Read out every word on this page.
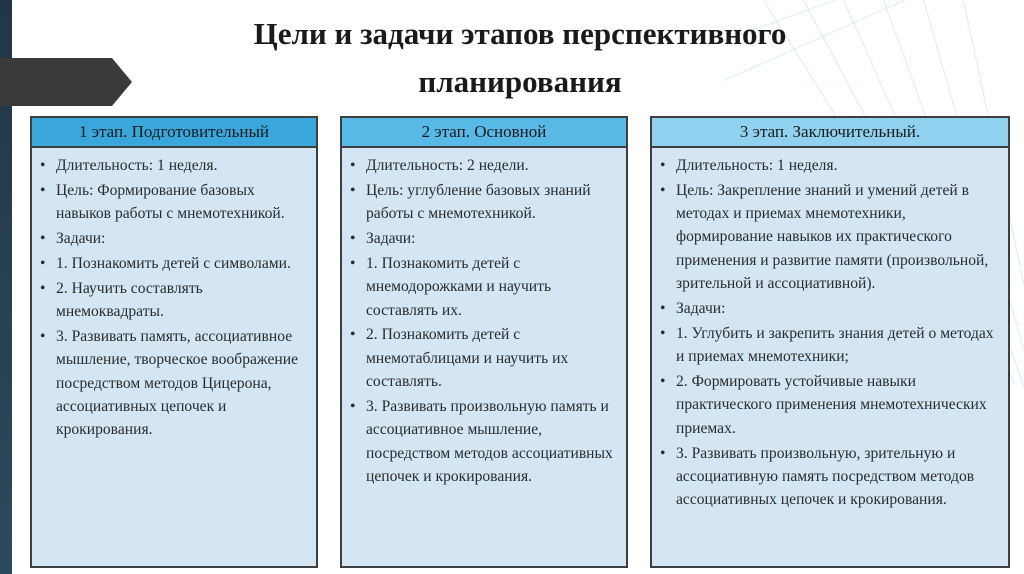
Цели и задачи этапов перспективного
планирования
1 этап. Подготовительный
• Длительность: 1 неделя.
• Цель: Формирование базовых навыков работы с мнемотехникой.
• Задачи:
• 1. Познакомить детей с символами.
• 2. Научить составлять мнемоквадраты.
• 3. Развивать память, ассоциативное мышление, творческое воображение посредством методов Цицерона, ассоциативных цепочек и крокирования.
2 этап. Основной
• Длительность: 2 недели.
• Цель: углубление базовых знаний работы с мнемотехникой.
• Задачи:
• 1. Познакомить детей с мнемодорожками и научить составлять их.
• 2. Познакомить детей с мнемотаблицами и научить их составлять.
• 3. Развивать произвольную память и ассоциативное мышление, посредством методов ассоциативных цепочек и крокирования.
3 этап. Заключительный.
• Длительность: 1 неделя.
• Цель: Закрепление знаний и умений детей в методах и приемах мнемотехники, формирование навыков их практического применения и развитие памяти (произвольной, зрительной и ассоциативной).
• Задачи:
• 1. Углубить и закрепить знания детей о методах и приемах мнемотехники;
• 2. Формировать устойчивые навыки практического применения мнемотехнических приемах.
• 3. Развивать произвольную, зрительную и ассоциативную память посредством методов ассоциативных цепочек и крокирования.
